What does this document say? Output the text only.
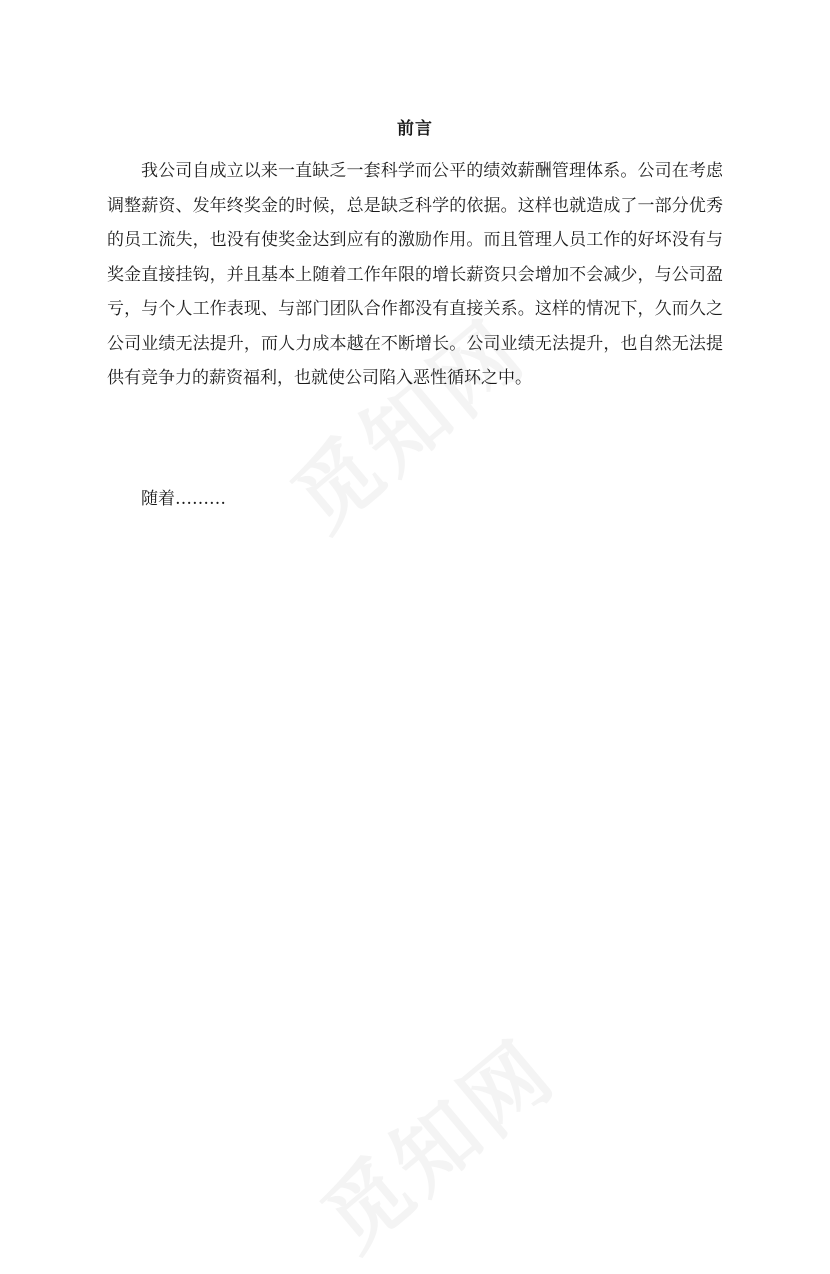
前言

我公司自成立以来一直缺乏一套科学而公平的绩效薪酬管理体系。公司在考虑调整薪资、发年终奖金的时候，总是缺乏科学的依据。这样也就造成了一部分优秀的员工流失，也没有使奖金达到应有的激励作用。而且管理人员工作的好坏没有与奖金直接挂钩，并且基本上随着工作年限的增长薪资只会增加不会减少，与公司盈亏，与个人工作表现、与部门团队合作都没有直接关系。这样的情况下，久而久之公司业绩无法提升，而人力成本越在不断增长。公司业绩无法提升，也自然无法提供有竞争力的薪资福利，也就使公司陷入恶性循环之中。

随着………
